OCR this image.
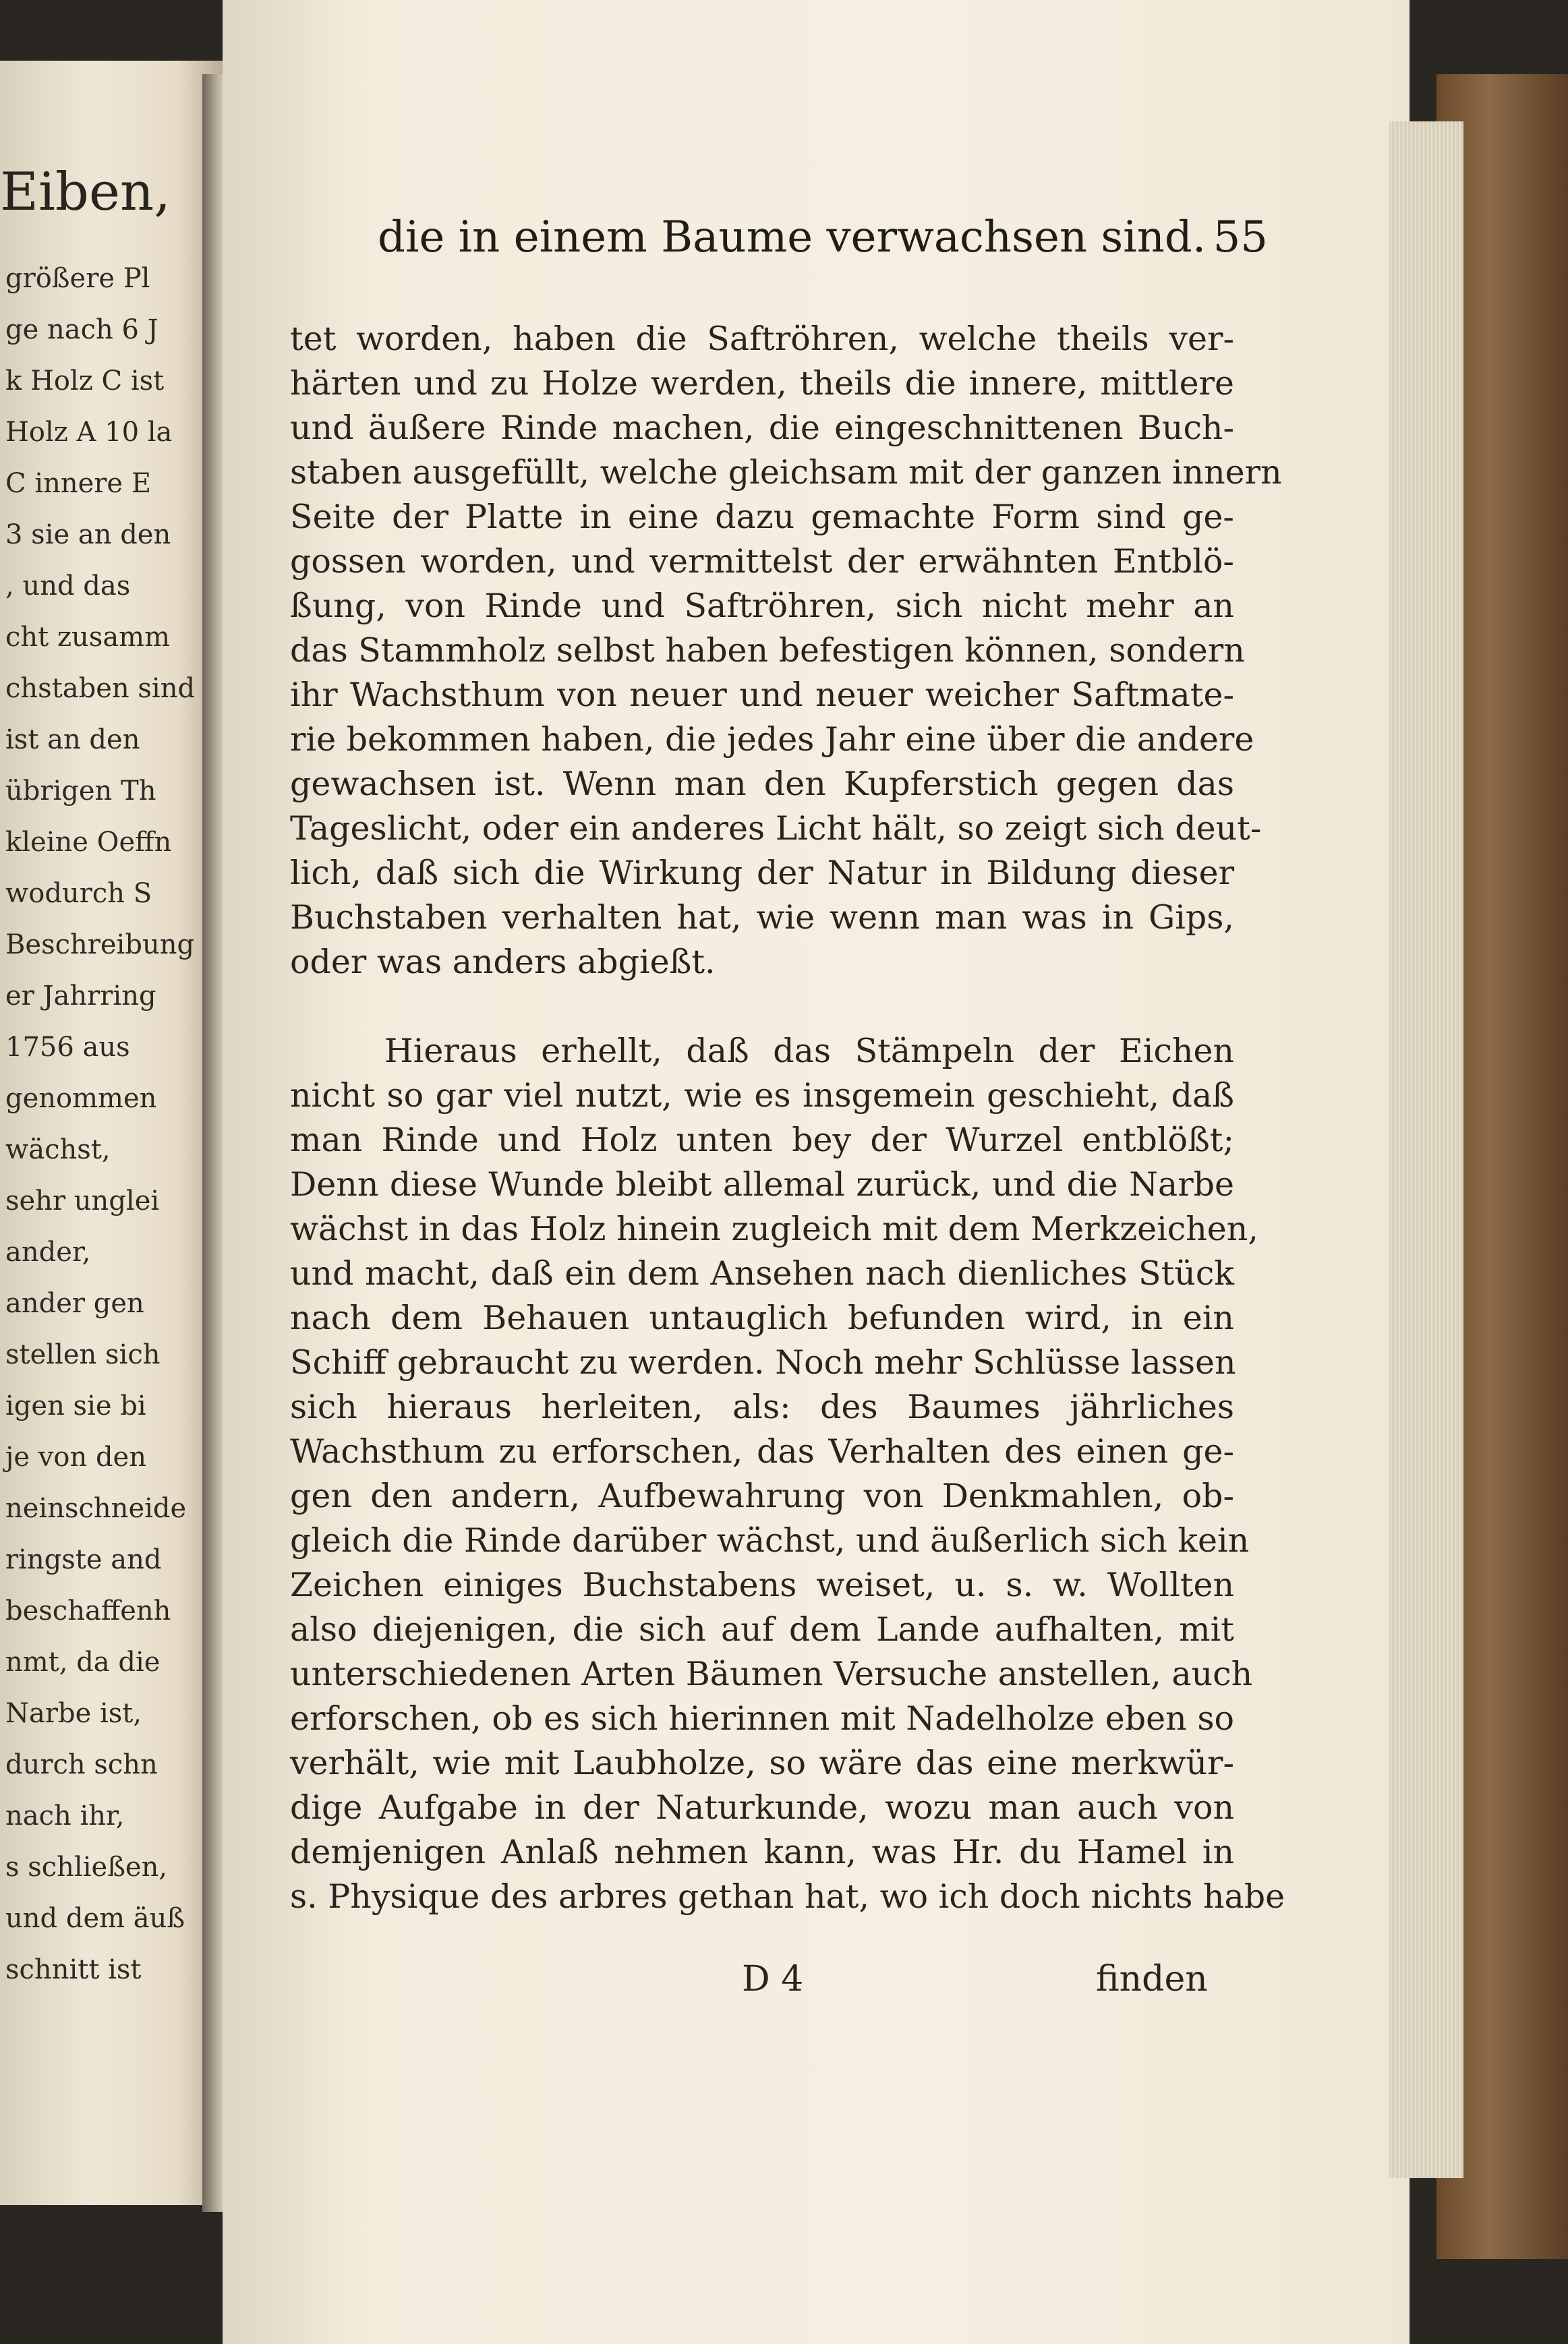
Eiben,
größere Pl
ge nach 6 J
k Holz C ist
Holz A 10 la
C innere E
3 sie an den
, und das
cht zusamm
chstaben sind
ist an den
übrigen Th
kleine Oeffn
wodurch S
Beschreibung
er Jahrring
1756 aus
genommen
wächst,
sehr unglei
ander,
ander gen
stellen sich
igen sie bi
je von den
neinschneide
ringste and
beschaffenh
nmt, da die
Narbe ist,
durch schn
nach ihr,
s schließen,
und dem äuß
schnitt ist
die in einem Baume verwachsen sind. 55
tet worden, haben die Saftröhren, welche theils ver-
härten und zu Holze werden, theils die innere, mittlere
und äußere Rinde machen, die eingeschnittenen Buch-
staben ausgefüllt, welche gleichsam mit der ganzen innern
Seite der Platte in eine dazu gemachte Form sind ge-
gossen worden, und vermittelst der erwähnten Entblö-
ßung, von Rinde und Saftröhren, sich nicht mehr an
das Stammholz selbst haben befestigen können, sondern
ihr Wachsthum von neuer und neuer weicher Saftmate-
rie bekommen haben, die jedes Jahr eine über die andere
gewachsen ist. Wenn man den Kupferstich gegen das
Tageslicht, oder ein anderes Licht hält, so zeigt sich deut-
lich, daß sich die Wirkung der Natur in Bildung dieser
Buchstaben verhalten hat, wie wenn man was in Gips,
oder was anders abgießt.
Hieraus erhellt, daß das Stämpeln der Eichen
nicht so gar viel nutzt, wie es insgemein geschieht, daß
man Rinde und Holz unten bey der Wurzel entblößt;
Denn diese Wunde bleibt allemal zurück, und die Narbe
wächst in das Holz hinein zugleich mit dem Merkzeichen,
und macht, daß ein dem Ansehen nach dienliches Stück
nach dem Behauen untauglich befunden wird, in ein
Schiff gebraucht zu werden. Noch mehr Schlüsse lassen
sich hieraus herleiten, als: des Baumes jährliches
Wachsthum zu erforschen, das Verhalten des einen ge-
gen den andern, Aufbewahrung von Denkmahlen, ob-
gleich die Rinde darüber wächst, und äußerlich sich kein
Zeichen einiges Buchstabens weiset, u. s. w. Wollten
also diejenigen, die sich auf dem Lande aufhalten, mit
unterschiedenen Arten Bäumen Versuche anstellen, auch
erforschen, ob es sich hierinnen mit Nadelholze eben so
verhält, wie mit Laubholze, so wäre das eine merkwür-
dige Aufgabe in der Naturkunde, wozu man auch von
demjenigen Anlaß nehmen kann, was Hr. du Hamel in
s. Physique des arbres gethan hat, wo ich doch nichts habe
D 4	finden
